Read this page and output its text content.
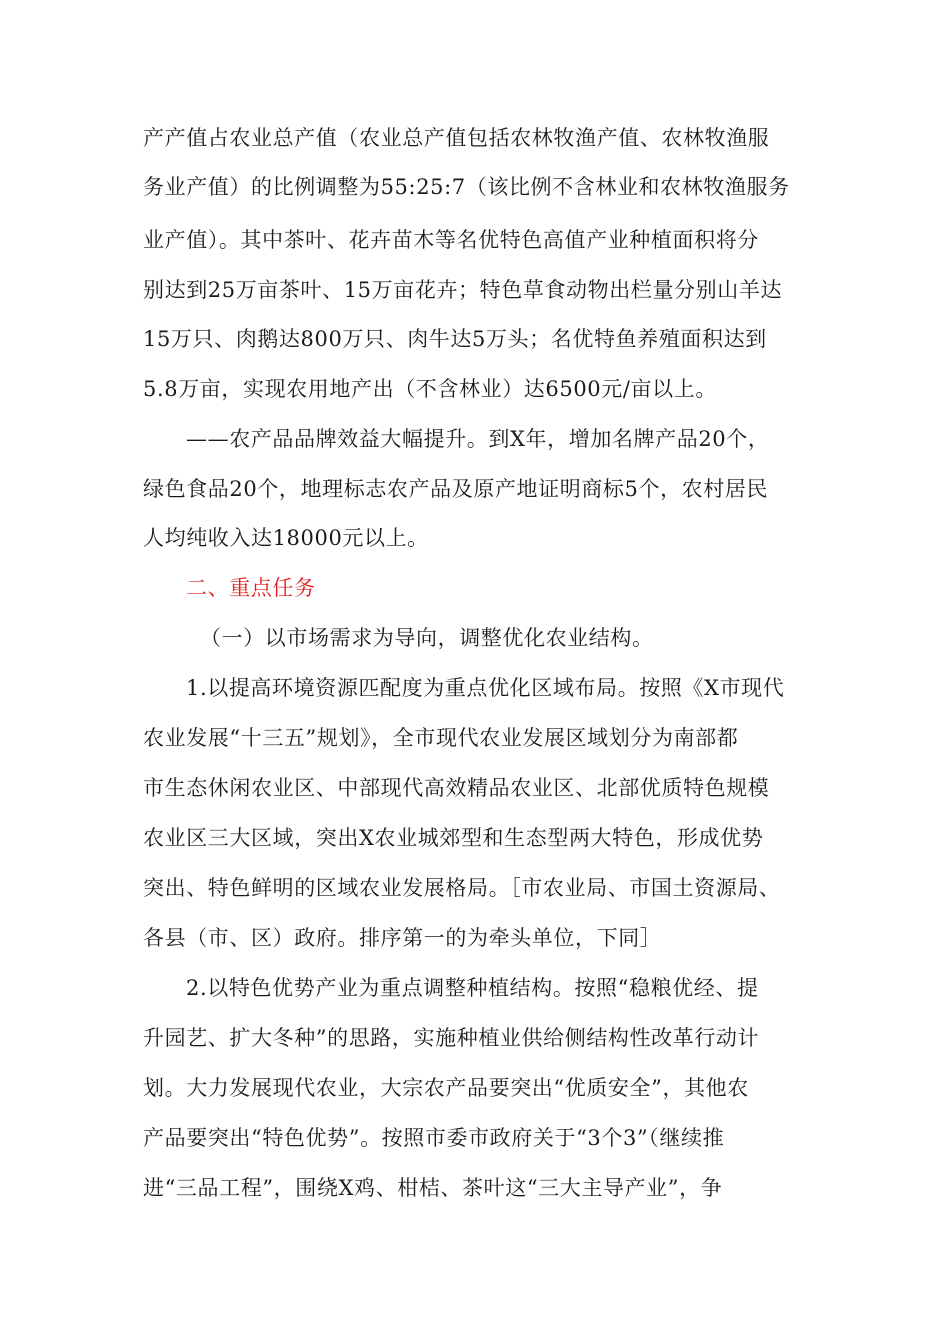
产产值占农业总产值（农业总产值包括农林牧渔产值、农林牧渔服
务业产值）的比例调整为55:25:7（该比例不含林业和农林牧渔服务
业产值）。其中茶叶、花卉苗木等名优特色高值产业种植面积将分
别达到25万亩茶叶、15万亩花卉；特色草食动物出栏量分别山羊达
15万只、肉鹅达800万只、肉牛达5万头；名优特鱼养殖面积达到
5.8万亩，实现农用地产出（不含林业）达6500元/亩以上。
——农产品品牌效益大幅提升。到X年，增加名牌产品20个，
绿色食品20个，地理标志农产品及原产地证明商标5个，农村居民
人均纯收入达18000元以上。
二、重点任务
（一）以市场需求为导向，调整优化农业结构。
1.以提高环境资源匹配度为重点优化区域布局。按照《X市现代
农业发展“十三五”规划》，全市现代农业发展区域划分为南部都
市生态休闲农业区、中部现代高效精品农业区、北部优质特色规模
农业区三大区域，突出X农业城郊型和生态型两大特色，形成优势
突出、特色鲜明的区域农业发展格局。［市农业局、市国土资源局、
各县（市、区）政府。排序第一的为牵头单位，下同］
2.以特色优势产业为重点调整种植结构。按照“稳粮优经、提
升园艺、扩大冬种”的思路，实施种植业供给侧结构性改革行动计
划。大力发展现代农业，大宗农产品要突出“优质安全”，其他农
产品要突出“特色优势”。按照市委市政府关于“3个3”（继续推
进“三品工程”，围绕X鸡、柑桔、茶叶这“三大主导产业”，争
